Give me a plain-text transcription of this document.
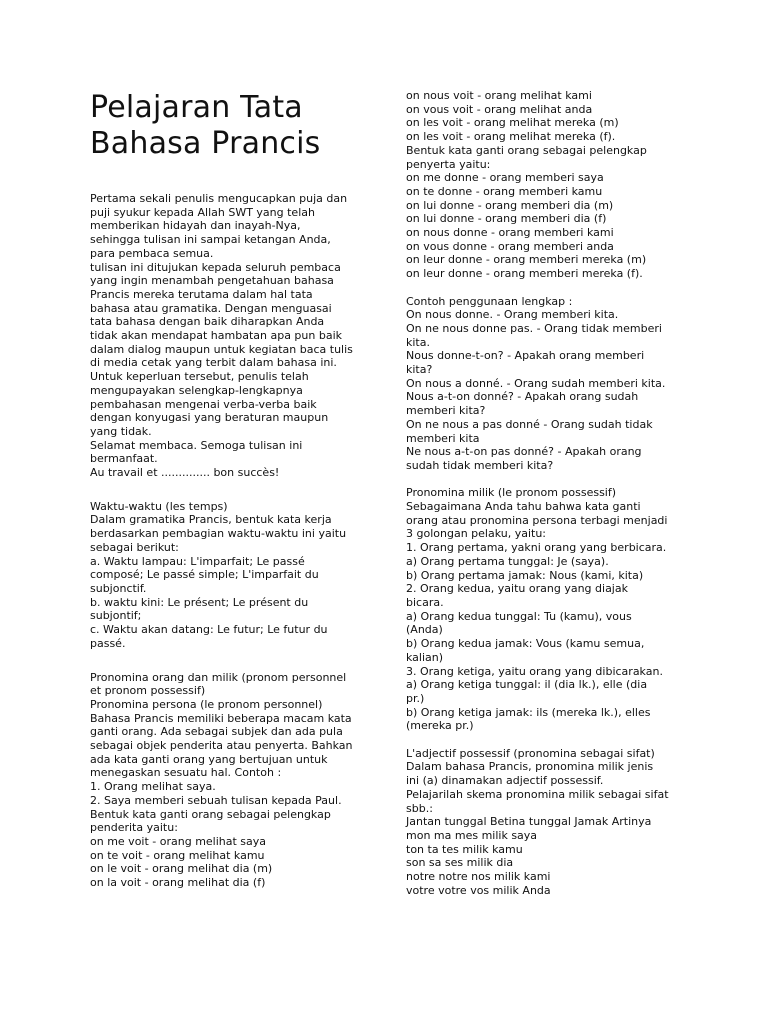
Pelajaran Tata
Bahasa Prancis
Pertama sekali penulis mengucapkan puja dan
puji syukur kepada Allah SWT yang telah
memberikan hidayah dan inayah-Nya,
sehingga tulisan ini sampai ketangan Anda,
para pembaca semua.
tulisan ini ditujukan kepada seluruh pembaca
yang ingin menambah pengetahuan bahasa
Prancis mereka terutama dalam hal tata
bahasa atau gramatika. Dengan menguasai
tata bahasa dengan baik diharapkan Anda
tidak akan mendapat hambatan apa pun baik
dalam dialog maupun untuk kegiatan baca tulis
di media cetak yang terbit dalam bahasa ini.
Untuk keperluan tersebut, penulis telah
mengupayakan selengkap-lengkapnya
pembahasan mengenai verba-verba baik
dengan konyugasi yang beraturan maupun
yang tidak.
Selamat membaca. Semoga tulisan ini
bermanfaat.
Au travail et .............. bon succès!
Waktu-waktu (les temps)
Dalam gramatika Prancis, bentuk kata kerja
berdasarkan pembagian waktu-waktu ini yaitu
sebagai berikut:
a. Waktu lampau: L'imparfait; Le passé
composé; Le passé simple; L'imparfait du
subjonctif.
b. waktu kini: Le présent; Le présent du
subjontif;
c. Waktu akan datang: Le futur; Le futur du
passé.
Pronomina orang dan milik (pronom personnel
et pronom possessif)
Pronomina persona (le pronom personnel)
Bahasa Prancis memiliki beberapa macam kata
ganti orang. Ada sebagai subjek dan ada pula
sebagai objek penderita atau penyerta. Bahkan
ada kata ganti orang yang bertujuan untuk
menegaskan sesuatu hal. Contoh :
1. Orang melihat saya.
2. Saya memberi sebuah tulisan kepada Paul.
Bentuk kata ganti orang sebagai pelengkap
penderita yaitu:
on me voit - orang melihat saya
on te voit - orang melihat kamu
on le voit - orang melihat dia (m)
on la voit - orang melihat dia (f)
on nous voit - orang melihat kami
on vous voit - orang melihat anda
on les voit - orang melihat mereka (m)
on les voit - orang melihat mereka (f).
Bentuk kata ganti orang sebagai pelengkap
penyerta yaitu:
on me donne - orang memberi saya
on te donne - orang memberi kamu
on lui donne - orang memberi dia (m)
on lui donne - orang memberi dia (f)
on nous donne - orang memberi kami
on vous donne - orang memberi anda
on leur donne - orang memberi mereka (m)
on leur donne - orang memberi mereka (f).
Contoh penggunaan lengkap :
On nous donne. - Orang memberi kita.
On ne nous donne pas. - Orang tidak memberi
kita.
Nous donne-t-on? - Apakah orang memberi
kita?
On nous a donné. - Orang sudah memberi kita.
Nous a-t-on donné? - Apakah orang sudah
memberi kita?
On ne nous a pas donné - Orang sudah tidak
memberi kita
Ne nous a-t-on pas donné? - Apakah orang
sudah tidak memberi kita?
Pronomina milik (le pronom possessif)
Sebagaimana Anda tahu bahwa kata ganti
orang atau pronomina persona terbagi menjadi
3 golongan pelaku, yaitu:
1. Orang pertama, yakni orang yang berbicara.
a) Orang pertama tunggal: Je (saya).
b) Orang pertama jamak: Nous (kami, kita)
2. Orang kedua, yaitu orang yang diajak
bicara.
a) Orang kedua tunggal: Tu (kamu), vous
(Anda)
b) Orang kedua jamak: Vous (kamu semua,
kalian)
3. Orang ketiga, yaitu orang yang dibicarakan.
a) Orang ketiga tunggal: il (dia lk.), elle (dia
pr.)
b) Orang ketiga jamak: ils (mereka lk.), elles
(mereka pr.)
L'adjectif possessif (pronomina sebagai sifat)
Dalam bahasa Prancis, pronomina milik jenis
ini (a) dinamakan adjectif possessif.
Pelajarilah skema pronomina milik sebagai sifat
sbb.:
Jantan tunggal Betina tunggal Jamak Artinya
mon ma mes milik saya
ton ta tes milik kamu
son sa ses milik dia
notre notre nos milik kami
votre votre vos milik Anda
